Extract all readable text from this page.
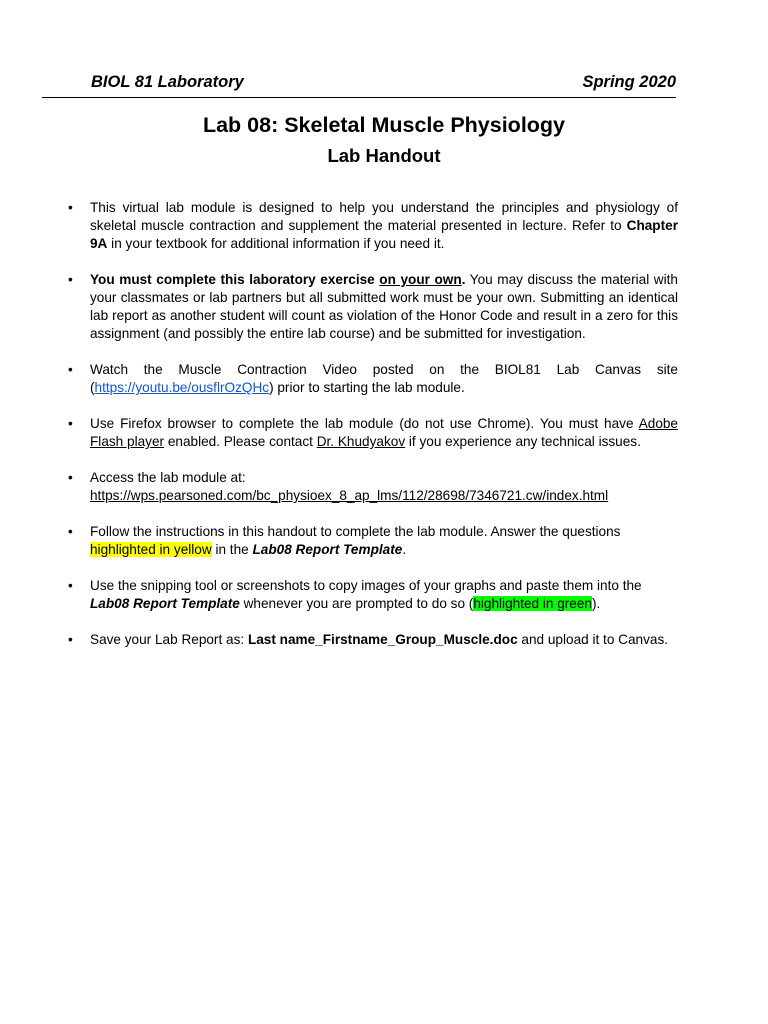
BIOL 81 Laboratory	Spring 2020
Lab 08: Skeletal Muscle Physiology
Lab Handout
• This virtual lab module is designed to help you understand the principles and physiology of skeletal muscle contraction and supplement the material presented in lecture. Refer to Chapter 9A in your textbook for additional information if you need it.
• You must complete this laboratory exercise on your own. You may discuss the material with your classmates or lab partners but all submitted work must be your own. Submitting an identical lab report as another student will count as violation of the Honor Code and result in a zero for this assignment (and possibly the entire lab course) and be submitted for investigation.
• Watch the Muscle Contraction Video posted on the BIOL81 Lab Canvas site (https://youtu.be/ousflrOzQHc) prior to starting the lab module.
• Use Firefox browser to complete the lab module (do not use Chrome). You must have Adobe Flash player enabled. Please contact Dr. Khudyakov if you experience any technical issues.
• Access the lab module at:
https://wps.pearsoned.com/bc_physioex_8_ap_lms/112/28698/7346721.cw/index.html
• Follow the instructions in this handout to complete the lab module. Answer the questions highlighted in yellow in the Lab08 Report Template.
• Use the snipping tool or screenshots to copy images of your graphs and paste them into the Lab08 Report Template whenever you are prompted to do so (highlighted in green).
• Save your Lab Report as: Last name_Firstname_Group_Muscle.doc and upload it to Canvas.
